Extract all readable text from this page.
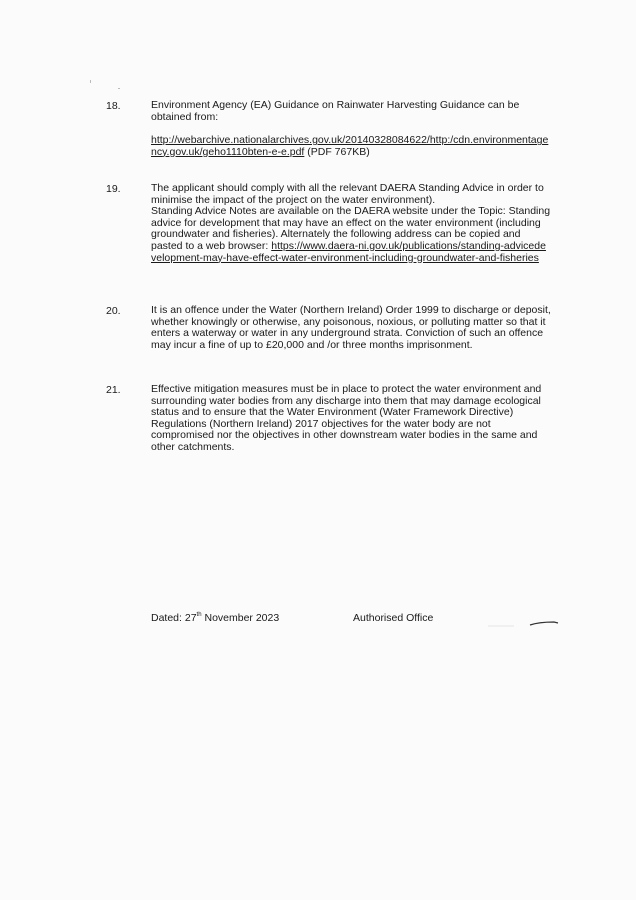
18.	Environment Agency (EA) Guidance on Rainwater Harvesting Guidance can be obtained from:

http://webarchive.nationalarchives.gov.uk/20140328084622/http:/cdn.environmentagency.gov.uk/geho1110bten-e-e.pdf (PDF 767KB)

19.	The applicant should comply with all the relevant DAERA Standing Advice in order to minimise the impact of the project on the water environment).

Standing Advice Notes are available on the DAERA website under the Topic: Standing advice for development that may have an effect on the water environment (including groundwater and fisheries). Alternately the following address can be copied and pasted to a web browser: https://www.daera-ni.gov.uk/publications/standing-advicedevelopment-may-have-effect-water-environment-including-groundwater-and-fisheries

20.	It is an offence under the Water (Northern Ireland) Order 1999 to discharge or deposit, whether knowingly or otherwise, any poisonous, noxious, or polluting matter so that it enters a waterway or water in any underground strata. Conviction of such an offence may incur a fine of up to £20,000 and /or three months imprisonment.

21.	Effective mitigation measures must be in place to protect the water environment and surrounding water bodies from any discharge into them that may damage ecological status and to ensure that the Water Environment (Water Framework Directive) Regulations (Northern Ireland) 2017 objectives for the water body are not compromised nor the objectives in other downstream water bodies in the same and other catchments.

Dated: 27th November 2023	Authorised Office
